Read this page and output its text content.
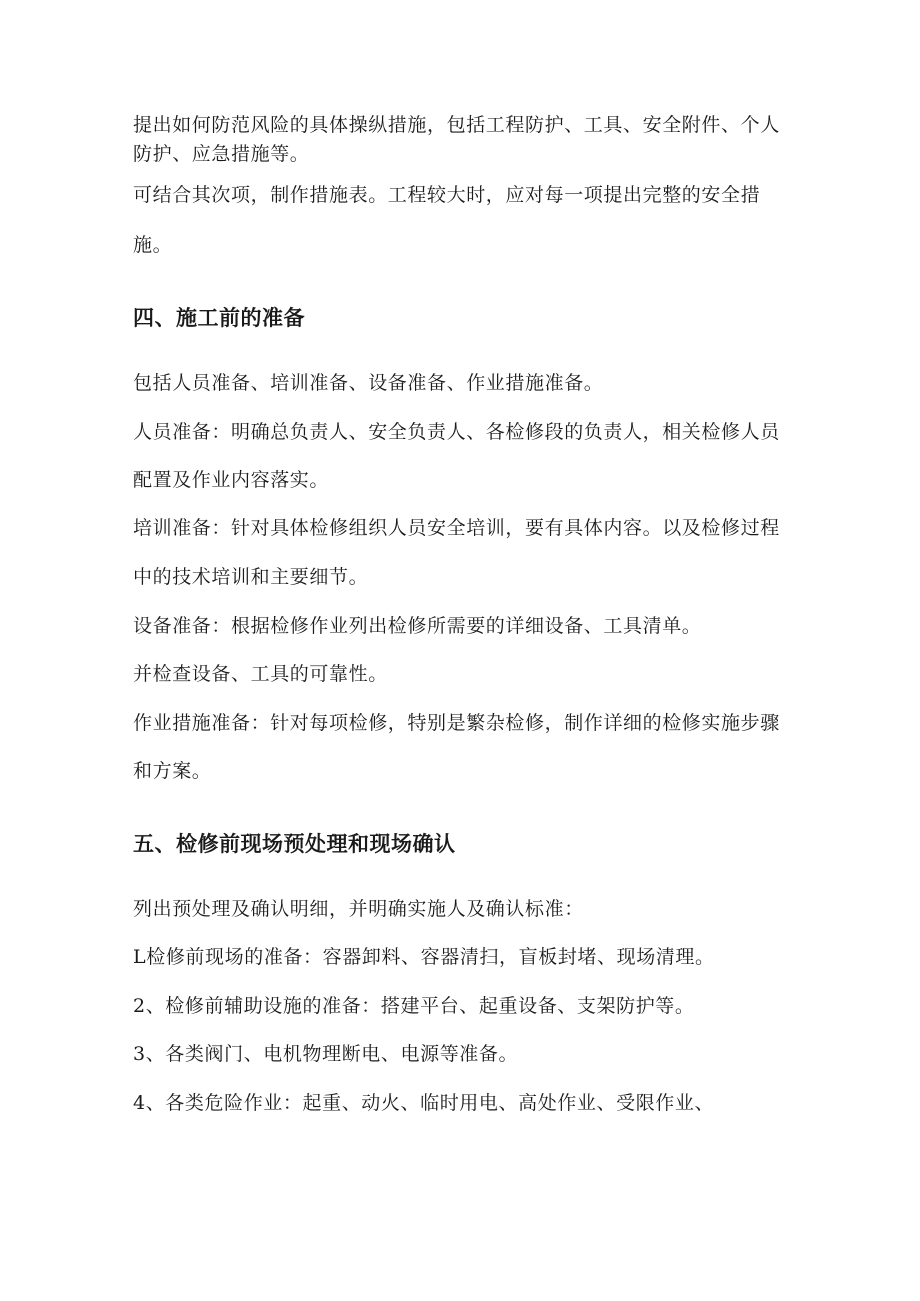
提出如何防范风险的具体操纵措施，包括工程防护、工具、安全附件、个人
防护、应急措施等。
可结合其次项，制作措施表。工程较大时，应对每一项提出完整的安全措
施。
四、施工前的准备
包括人员准备、培训准备、设备准备、作业措施准备。
人员准备：明确总负责人、安全负责人、各检修段的负责人，相关检修人员
配置及作业内容落实。
培训准备：针对具体检修组织人员安全培训，要有具体内容。以及检修过程
中的技术培训和主要细节。
设备准备：根据检修作业列出检修所需要的详细设备、工具清单。
并检查设备、工具的可靠性。
作业措施准备：针对每项检修，特别是繁杂检修，制作详细的检修实施步骤
和方案。
五、检修前现场预处理和现场确认
列出预处理及确认明细，并明确实施人及确认标准：
L检修前现场的准备：容器卸料、容器清扫，盲板封堵、现场清理。
2、检修前辅助设施的准备：搭建平台、起重设备、支架防护等。
3、各类阀门、电机物理断电、电源等准备。
4、各类危险作业：起重、动火、临时用电、高处作业、受限作业、
